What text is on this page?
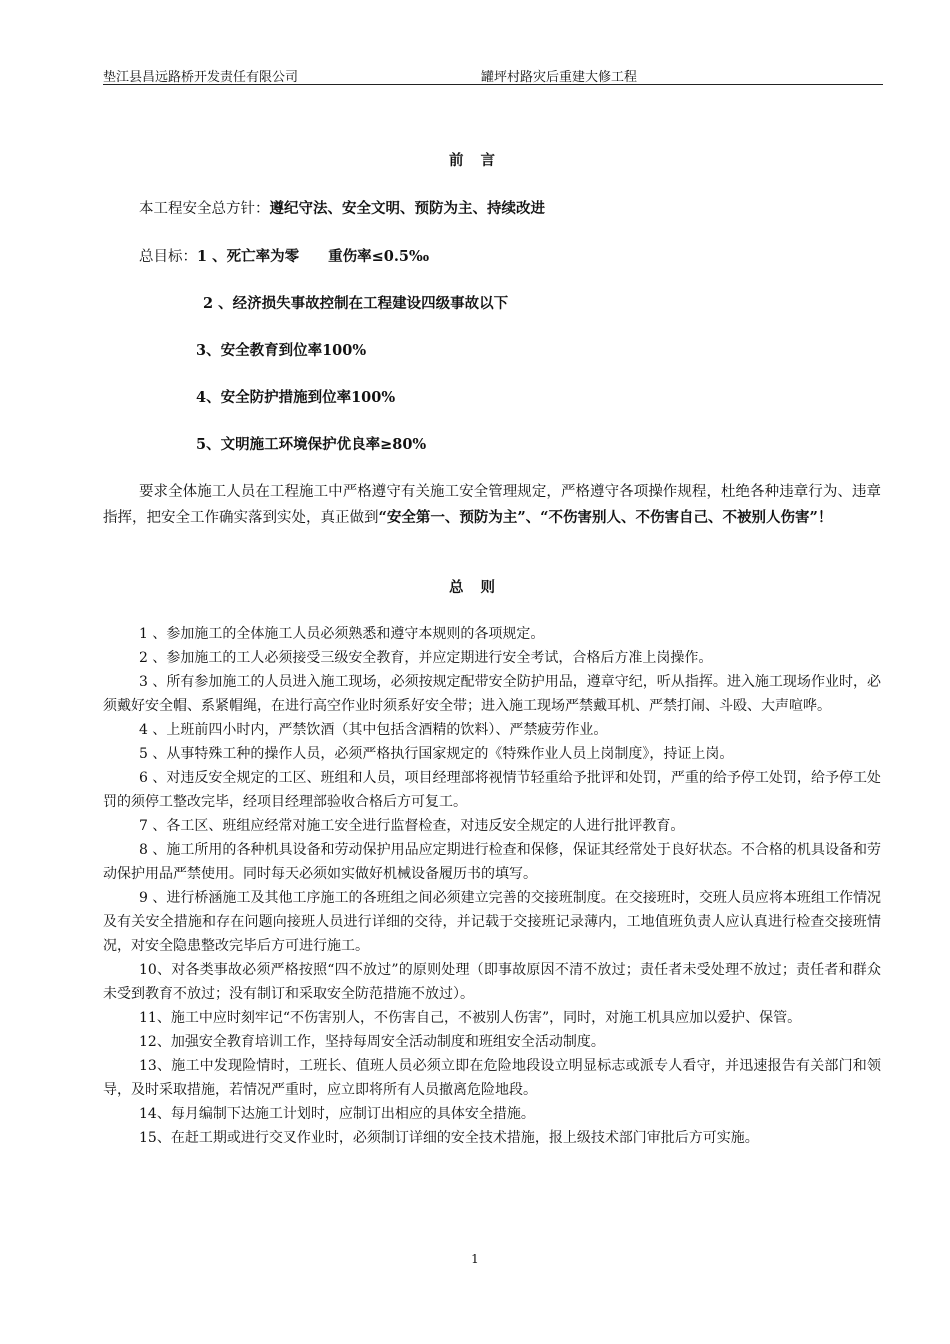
垫江县昌远路桥开发责任有限公司	罐坪村路灾后重建大修工程
前 言
本工程安全总方针：遵纪守法、安全文明、预防为主、持续改进
总目标：1 、死亡率为零　　重伤率≤0.5‰
2 、经济损失事故控制在工程建设四级事故以下
3、安全教育到位率100%
4、安全防护措施到位率100%
5、文明施工环境保护优良率≥80%
要求全体施工人员在工程施工中严格遵守有关施工安全管理规定，严格遵守各项操作规程，杜绝各种违章行为、违章指挥，把安全工作确实落到实处，真正做到“安全第一、预防为主”、“不伤害别人、不伤害自己、不被别人伤害”！
总 则
1 、参加施工的全体施工人员必须熟悉和遵守本规则的各项规定。
2 、参加施工的工人必须接受三级安全教育，并应定期进行安全考试，合格后方准上岗操作。
3 、所有参加施工的人员进入施工现场，必须按规定配带安全防护用品，遵章守纪，听从指挥。进入施工现场作业时，必须戴好安全帽、系紧帽绳，在进行高空作业时须系好安全带；进入施工现场严禁戴耳机、严禁打闹、斗殴、大声喧哗。
4 、上班前四小时内，严禁饮酒（其中包括含酒精的饮料）、严禁疲劳作业。
5 、从事特殊工种的操作人员，必须严格执行国家规定的《特殊作业人员上岗制度》，持证上岗。
6 、对违反安全规定的工区、班组和人员，项目经理部将视情节轻重给予批评和处罚，严重的给予停工处罚，给予停工处罚的须停工整改完毕，经项目经理部验收合格后方可复工。
7 、各工区、班组应经常对施工安全进行监督检查，对违反安全规定的人进行批评教育。
8 、施工所用的各种机具设备和劳动保护用品应定期进行检查和保修，保证其经常处于良好状态。不合格的机具设备和劳动保护用品严禁使用。同时每天必须如实做好机械设备履历书的填写。
9 、进行桥涵施工及其他工序施工的各班组之间必须建立完善的交接班制度。在交接班时，交班人员应将本班组工作情况及有关安全措施和存在问题向接班人员进行详细的交待，并记载于交接班记录薄内，工地值班负责人应认真进行检查交接班情况，对安全隐患整改完毕后方可进行施工。
10、对各类事故必须严格按照“四不放过”的原则处理（即事故原因不清不放过；责任者未受处理不放过；责任者和群众未受到教育不放过；没有制订和采取安全防范措施不放过）。
11、施工中应时刻牢记“不伤害别人，不伤害自己，不被别人伤害”，同时，对施工机具应加以爱护、保管。
12、加强安全教育培训工作，坚持每周安全活动制度和班组安全活动制度。
13、施工中发现险情时，工班长、值班人员必须立即在危险地段设立明显标志或派专人看守，并迅速报告有关部门和领导，及时采取措施，若情况严重时，应立即将所有人员撤离危险地段。
14、每月编制下达施工计划时，应制订出相应的具体安全措施。
15、在赶工期或进行交叉作业时，必须制订详细的安全技术措施，报上级技术部门审批后方可实施。
1
